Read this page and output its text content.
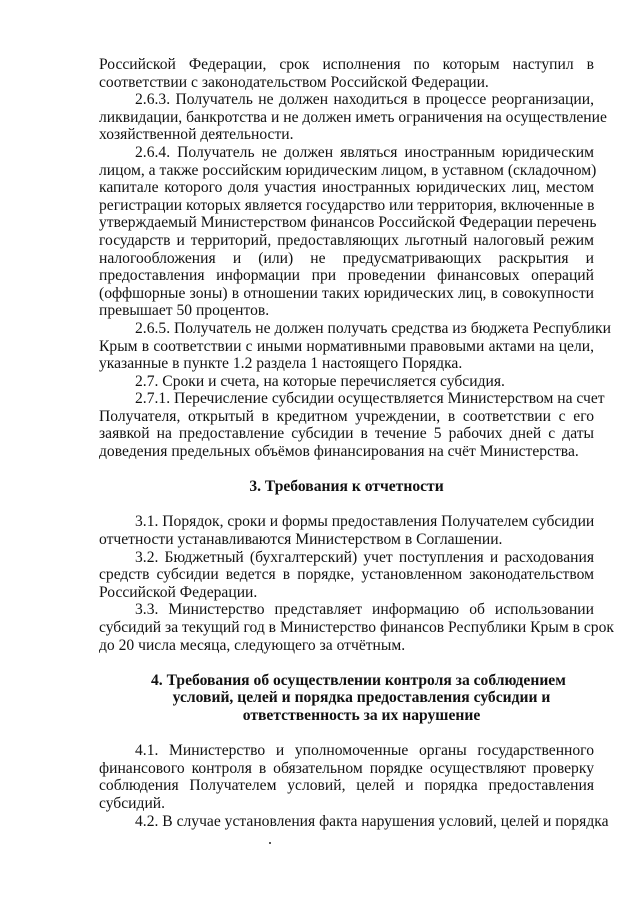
Российской Федерации, срок исполнения по которым наступил в
соответствии с законодательством Российской Федерации.
2.6.3. Получатель не должен находиться в процессе реорганизации,
ликвидации, банкротства и не должен иметь ограничения на осуществление
хозяйственной деятельности.
2.6.4. Получатель не должен являться иностранным юридическим
лицом, а также российским юридическим лицом, в уставном (складочном)
капитале которого доля участия иностранных юридических лиц, местом
регистрации которых является государство или территория, включенные в
утверждаемый Министерством финансов Российской Федерации перечень
государств и территорий, предоставляющих льготный налоговый режим
налогообложения и (или) не предусматривающих раскрытия и
предоставления информации при проведении финансовых операций
(оффшорные зоны) в отношении таких юридических лиц, в совокупности
превышает 50 процентов.
2.6.5. Получатель не должен получать средства из бюджета Республики
Крым в соответствии с иными нормативными правовыми актами на цели,
указанные в пункте 1.2 раздела 1 настоящего Порядка.
2.7. Сроки и счета, на которые перечисляется субсидия.
2.7.1. Перечисление субсидии осуществляется Министерством на счет
Получателя, открытый в кредитном учреждении, в соответствии с его
заявкой на предоставление субсидии в течение 5 рабочих дней с даты
доведения предельных объёмов финансирования на счёт Министерства.
3. Требования к отчетности
3.1. Порядок, сроки и формы предоставления Получателем субсидии
отчетности устанавливаются Министерством в Соглашении.
3.2. Бюджетный (бухгалтерский) учет поступления и расходования
средств субсидии ведется в порядке, установленном законодательством
Российской Федерации.
3.3. Министерство представляет информацию об использовании
субсидий за текущий год в Министерство финансов Республики Крым в срок
до 20 числа месяца, следующего за отчётным.
4. Требования об осуществлении контроля за соблюдением
условий, целей и порядка предоставления субсидии и
ответственность за их нарушение
4.1. Министерство и уполномоченные органы государственного
финансового контроля в обязательном порядке осуществляют проверку
соблюдения Получателем условий, целей и порядка предоставления
субсидий.
4.2. В случае установления факта нарушения условий, целей и порядка
